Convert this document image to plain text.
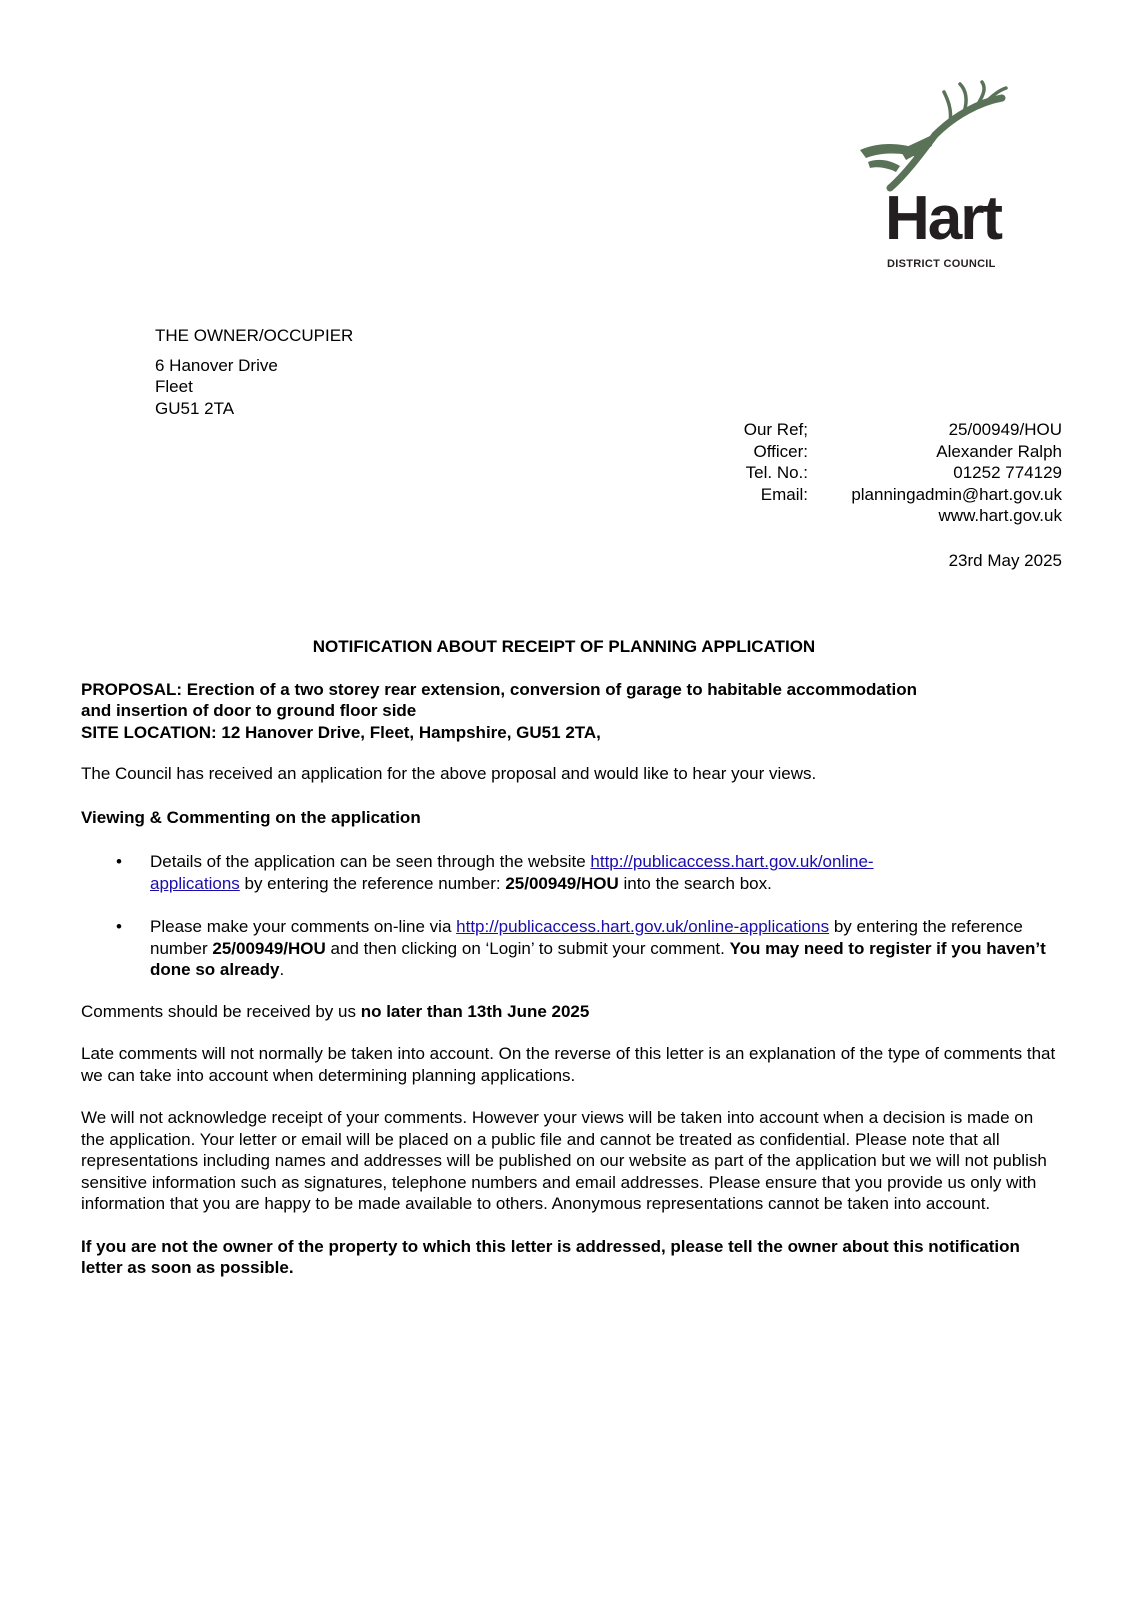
Hart
DISTRICT COUNCIL
THE OWNER/OCCUPIER
6 Hanover Drive
Fleet
GU51 2TA
Our Ref;	25/00949/HOU
Officer:	Alexander Ralph
Tel. No.:	01252 774129
Email:	planningadmin@hart.gov.uk
	www.hart.gov.uk
23rd May 2025
NOTIFICATION ABOUT RECEIPT OF PLANNING APPLICATION
PROPOSAL: Erection of a two storey rear extension, conversion of garage to habitable accommodation
and insertion of door to ground floor side
SITE LOCATION: 12 Hanover Drive, Fleet, Hampshire, GU51 2TA,

The Council has received an application for the above proposal and would like to hear your views.

Viewing & Commenting on the application

• Details of the application can be seen through the website http://publicaccess.hart.gov.uk/online-
applications by entering the reference number: 25/00949/HOU into the search box.
• Please make your comments on-line via http://publicaccess.hart.gov.uk/online-applications by entering the reference number 25/00949/HOU and then clicking on ‘Login’ to submit your comment. You may need to register if you haven’t done so already.

Comments should be received by us no later than 13th June 2025

Late comments will not normally be taken into account. On the reverse of this letter is an explanation of the type of comments that we can take into account when determining planning applications.

We will not acknowledge receipt of your comments. However your views will be taken into account when a decision is made on the application. Your letter or email will be placed on a public file and cannot be treated as confidential. Please note that all representations including names and addresses will be published on our website as part of the application but we will not publish sensitive information such as signatures, telephone numbers and email addresses. Please ensure that you provide us only with information that you are happy to be made available to others. Anonymous representations cannot be taken into account.

If you are not the owner of the property to which this letter is addressed, please tell the owner about this notification letter as soon as possible.
